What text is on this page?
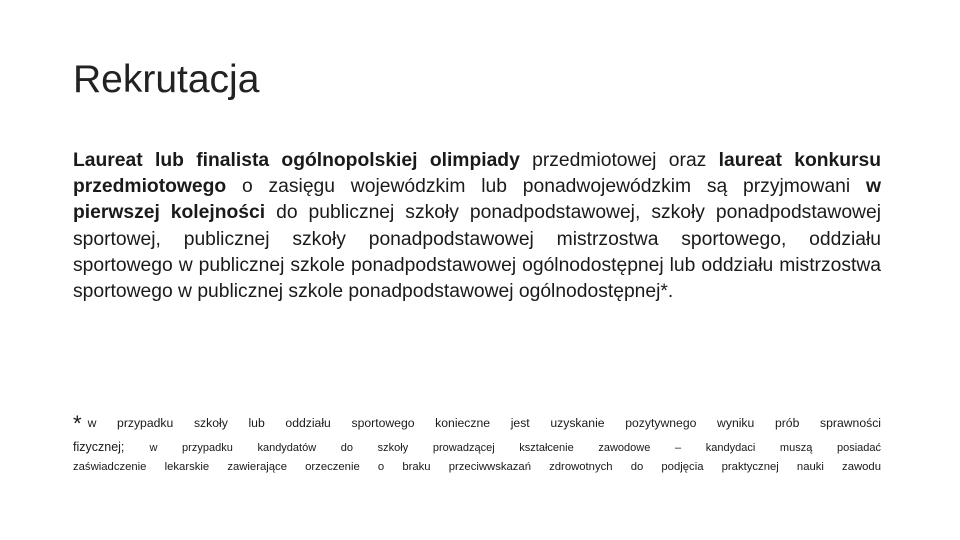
Rekrutacja

Laureat lub finalista ogólnopolskiej olimpiady przedmiotowej oraz laureat konkursu przedmiotowego o zasięgu wojewódzkim lub ponadwojewódzkim są przyjmowani w pierwszej kolejności do publicznej szkoły ponadpodstawowej, szkoły ponadpodstawowej sportowej, publicznej szkoły ponadpodstawowej mistrzostwa sportowego, oddziału sportowego w publicznej szkole ponadpodstawowej ogólnodostępnej lub oddziału mistrzostwa sportowego w publicznej szkole ponadpodstawowej ogólnodostępnej*.

* w przypadku szkoły lub oddziału sportowego konieczne jest uzyskanie pozytywnego wyniku prób sprawności
fizycznej; w przypadku kandydatów do szkoły prowadzącej kształcenie zawodowe – kandydaci muszą posiadać
zaświadczenie lekarskie zawierające orzeczenie o braku przeciwwskazań zdrowotnych do podjęcia praktycznej nauki zawodu
